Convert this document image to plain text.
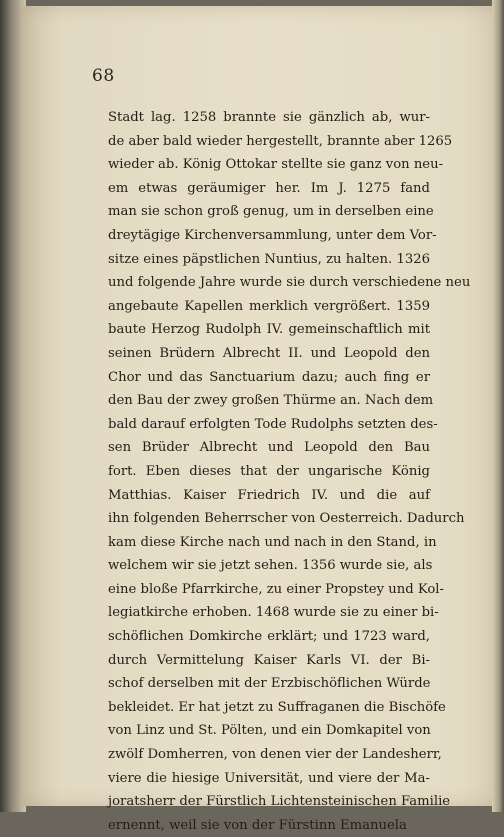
68
Stadt lag. 1258 brannte sie gänzlich ab, wur-
de aber bald wieder hergestellt, brannte aber 1265
wieder ab. König Ottokar stellte sie ganz von neu-
em etwas geräumiger her. Im J. 1275 fand
man sie schon groß genug, um in derselben eine
dreytägige Kirchenversammlung, unter dem Vor-
sitze eines päpstlichen Nuntius, zu halten. 1326
und folgende Jahre wurde sie durch verschiedene neu
angebaute Kapellen merklich vergrößert. 1359
baute Herzog Rudolph IV. gemeinschaftlich mit
seinen Brüdern Albrecht II. und Leopold den
Chor und das Sanctuarium dazu; auch fing er
den Bau der zwey großen Thürme an. Nach dem
bald darauf erfolgten Tode Rudolphs setzten des-
sen Brüder Albrecht und Leopold den Bau
fort. Eben dieses that der ungarische König
Matthias. Kaiser Friedrich IV. und die auf
ihn folgenden Beherrscher von Oesterreich. Dadurch
kam diese Kirche nach und nach in den Stand, in
welchem wir sie jetzt sehen. 1356 wurde sie, als
eine bloße Pfarrkirche, zu einer Propstey und Kol-
legiatkirche erhoben. 1468 wurde sie zu einer bi-
schöflichen Domkirche erklärt; und 1723 ward,
durch Vermittelung Kaiser Karls VI. der Bi-
schof derselben mit der Erzbischöflichen Würde
bekleidet. Er hat jetzt zu Suffraganen die Bischöfe
von Linz und St. Pölten, und ein Domkapitel von
zwölf Domherren, von denen vier der Landesherr,
viere die hiesige Universität, und viere der Ma-
joratsherr der Fürstlich Lichtensteinischen Familie
ernennt, weil sie von der Fürstinn Emanuela
